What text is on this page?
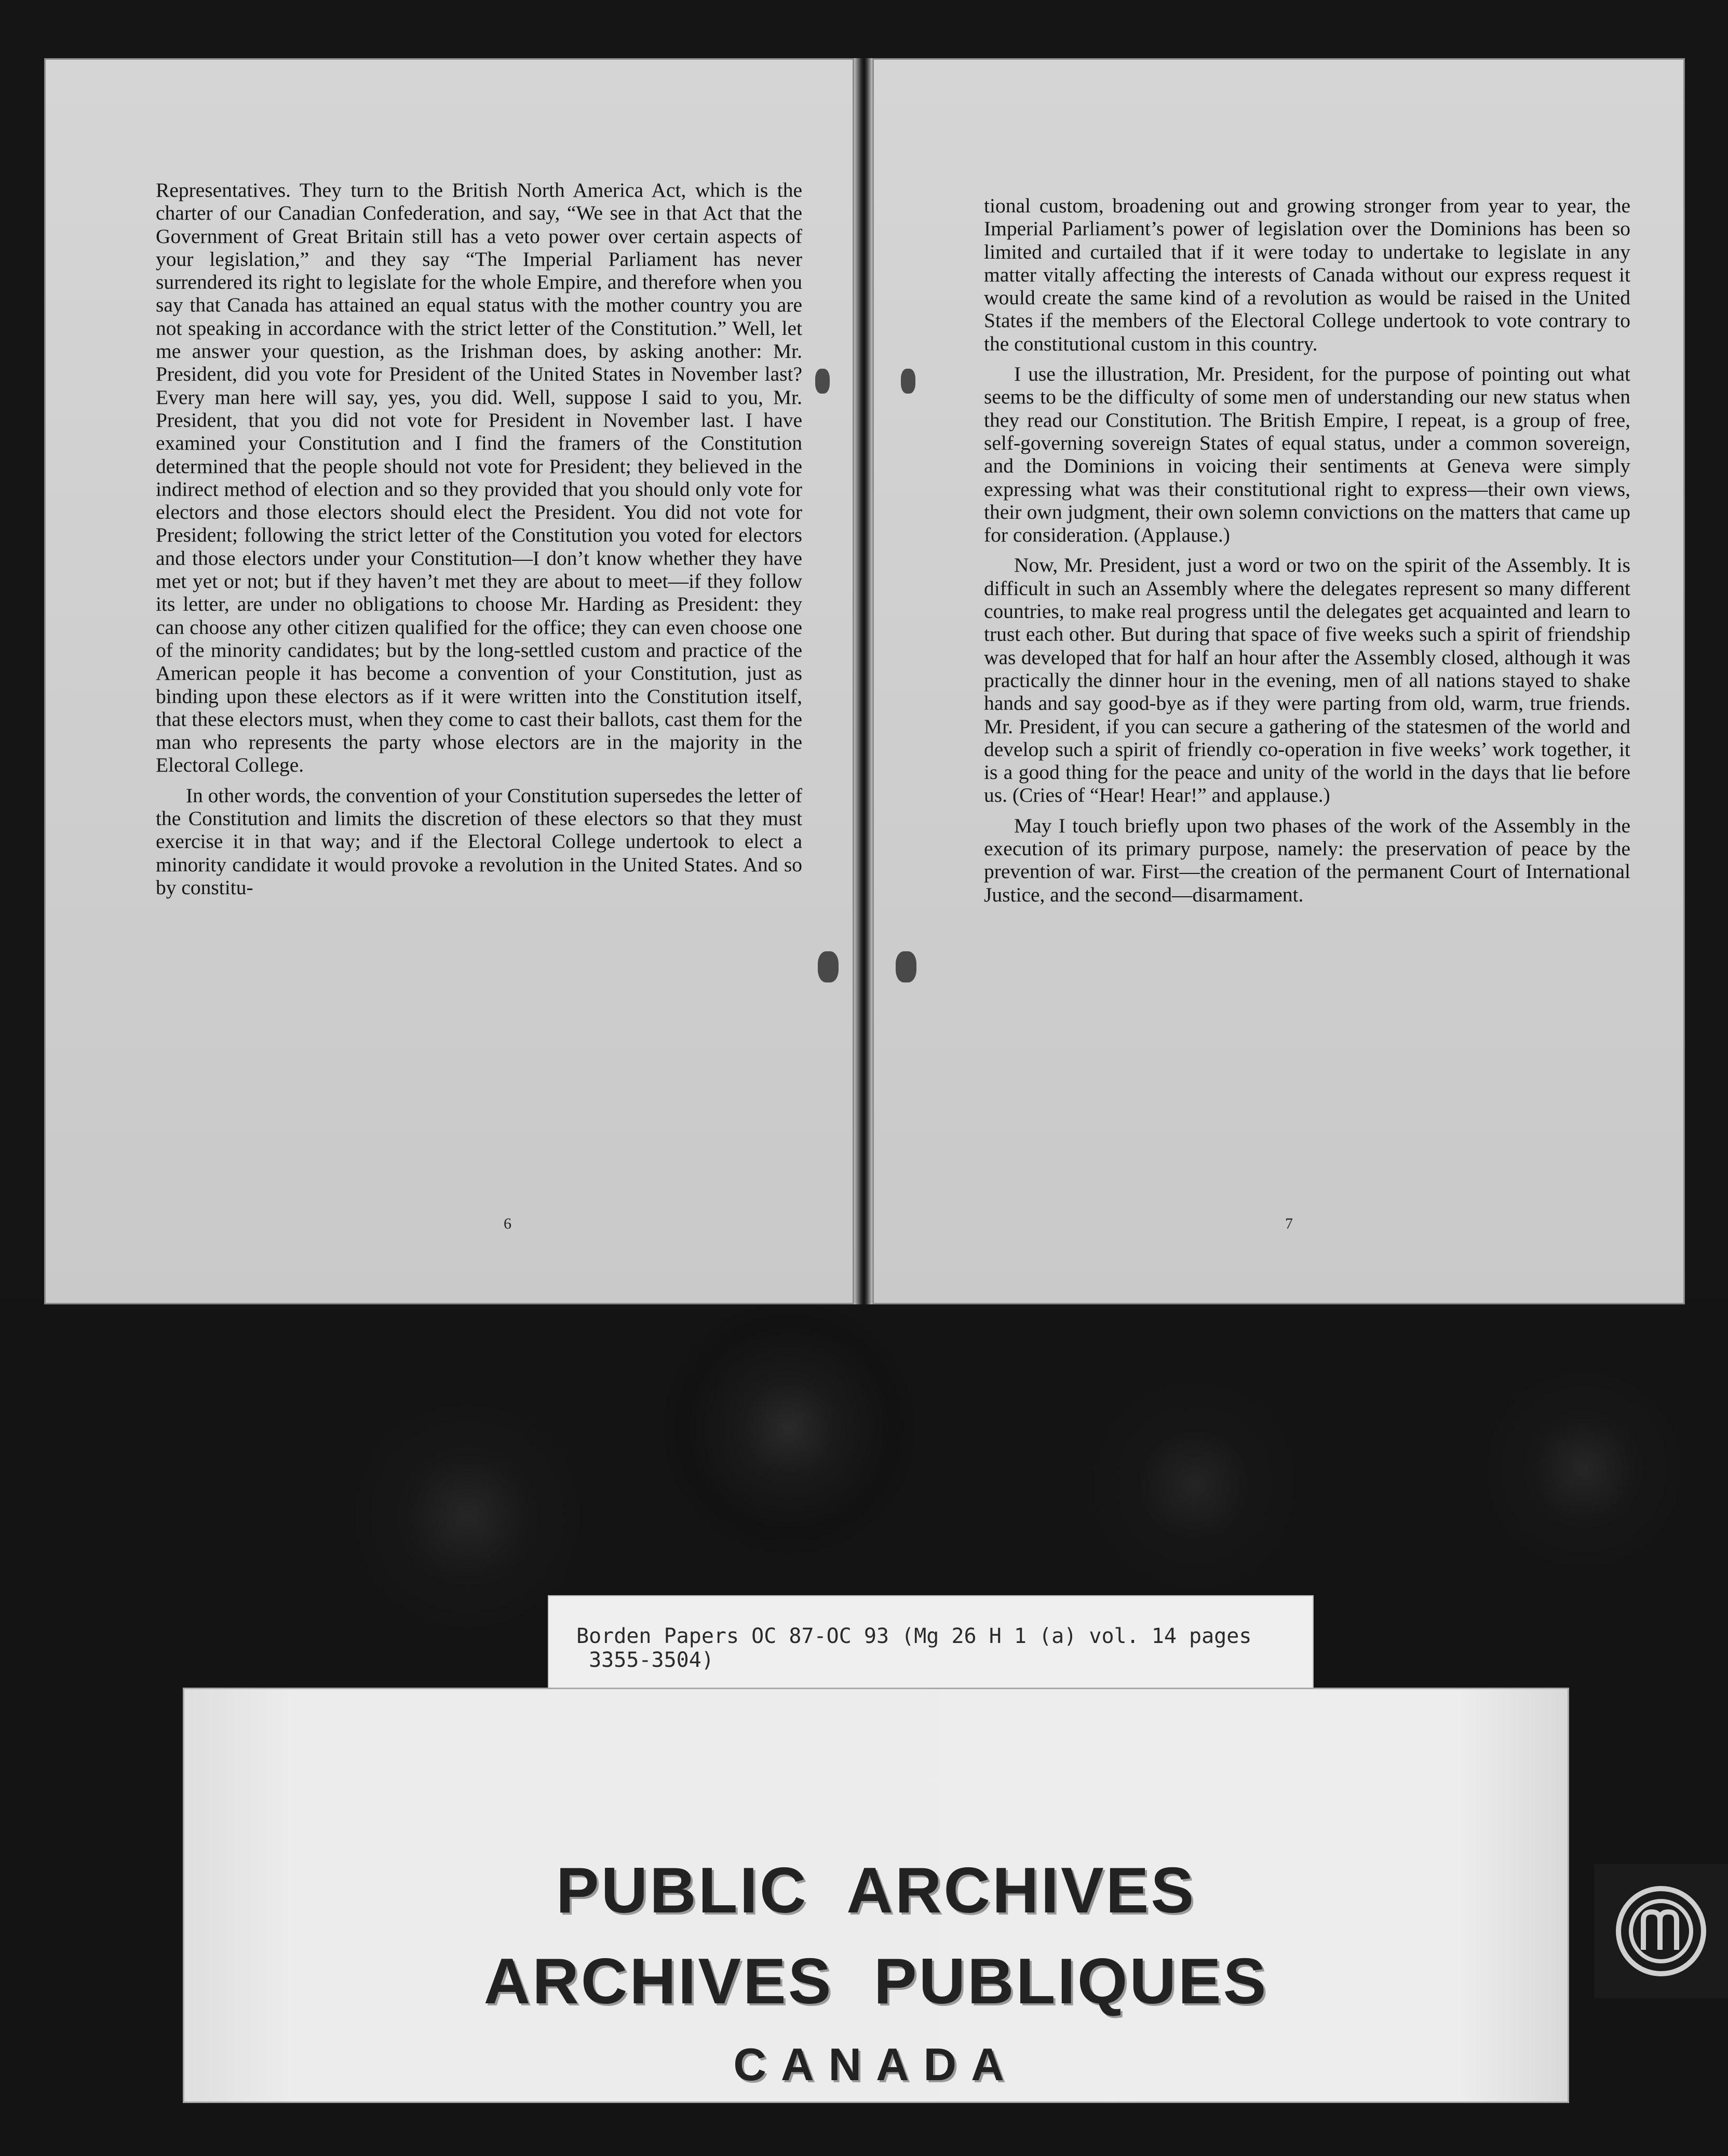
Representatives. They turn to the British North America Act, which is the charter of our Canadian Confederation, and say, “We see in that Act that the Government of Great Britain still has a veto power over certain aspects of your legislation,” and they say “The Imperial Parliament has never surrendered its right to legislate for the whole Empire, and therefore when you say that Canada has attained an equal status with the mother country you are not speaking in accordance with the strict letter of the Constitution.” Well, let me answer your question, as the Irishman does, by asking another: Mr. President, did you vote for President of the United States in November last? Every man here will say, yes, you did. Well, suppose I said to you, Mr. President, that you did not vote for President in November last. I have examined your Constitution and I find the framers of the Constitution determined that the people should not vote for President; they believed in the indirect method of election and so they provided that you should only vote for electors and those electors should elect the President. You did not vote for President; following the strict letter of the Constitution you voted for electors and those electors under your Constitution—I don’t know whether they have met yet or not; but if they haven’t met they are about to meet—if they follow its letter, are under no obligations to choose Mr. Harding as President: they can choose any other citizen qualified for the office; they can even choose one of the minority candidates; but by the long-settled custom and practice of the American people it has become a convention of your Constitution, just as binding upon these electors as if it were written into the Constitution itself, that these electors must, when they come to cast their ballots, cast them for the man who represents the party whose electors are in the majority in the Electoral College.

In other words, the convention of your Constitution supersedes the letter of the Constitution and limits the discretion of these electors so that they must exercise it in that way; and if the Electoral College undertook to elect a minority candidate it would provoke a revolution in the United States. And so by constitu-

6

tional custom, broadening out and growing stronger from year to year, the Imperial Parliament’s power of legislation over the Dominions has been so limited and curtailed that if it were today to undertake to legislate in any matter vitally affecting the interests of Canada without our express request it would create the same kind of a revolution as would be raised in the United States if the members of the Electoral College undertook to vote contrary to the constitutional custom in this country.

I use the illustration, Mr. President, for the purpose of pointing out what seems to be the difficulty of some men of understanding our new status when they read our Constitution. The British Empire, I repeat, is a group of free, self-governing sovereign States of equal status, under a common sovereign, and the Dominions in voicing their sentiments at Geneva were simply expressing what was their constitutional right to express—their own views, their own judgment, their own solemn convictions on the matters that came up for consideration. (Applause.)

Now, Mr. President, just a word or two on the spirit of the Assembly. It is difficult in such an Assembly where the delegates represent so many different countries, to make real progress until the delegates get acquainted and learn to trust each other. But during that space of five weeks such a spirit of friendship was developed that for half an hour after the Assembly closed, although it was practically the dinner hour in the evening, men of all nations stayed to shake hands and say good-bye as if they were parting from old, warm, true friends. Mr. President, if you can secure a gathering of the statesmen of the world and develop such a spirit of friendly co-operation in five weeks’ work together, it is a good thing for the peace and unity of the world in the days that lie before us. (Cries of “Hear! Hear!” and applause.)

May I touch briefly upon two phases of the work of the Assembly in the execution of its primary purpose, namely: the preservation of peace by the prevention of war. First—the creation of the permanent Court of International Justice, and the second—disarmament.

7
Borden Papers OC 87-OC 93 (Mg 26 H 1 (a) vol. 14 pages
3355-3504)
PUBLIC ARCHIVES
ARCHIVES PUBLIQUES
CANADA
